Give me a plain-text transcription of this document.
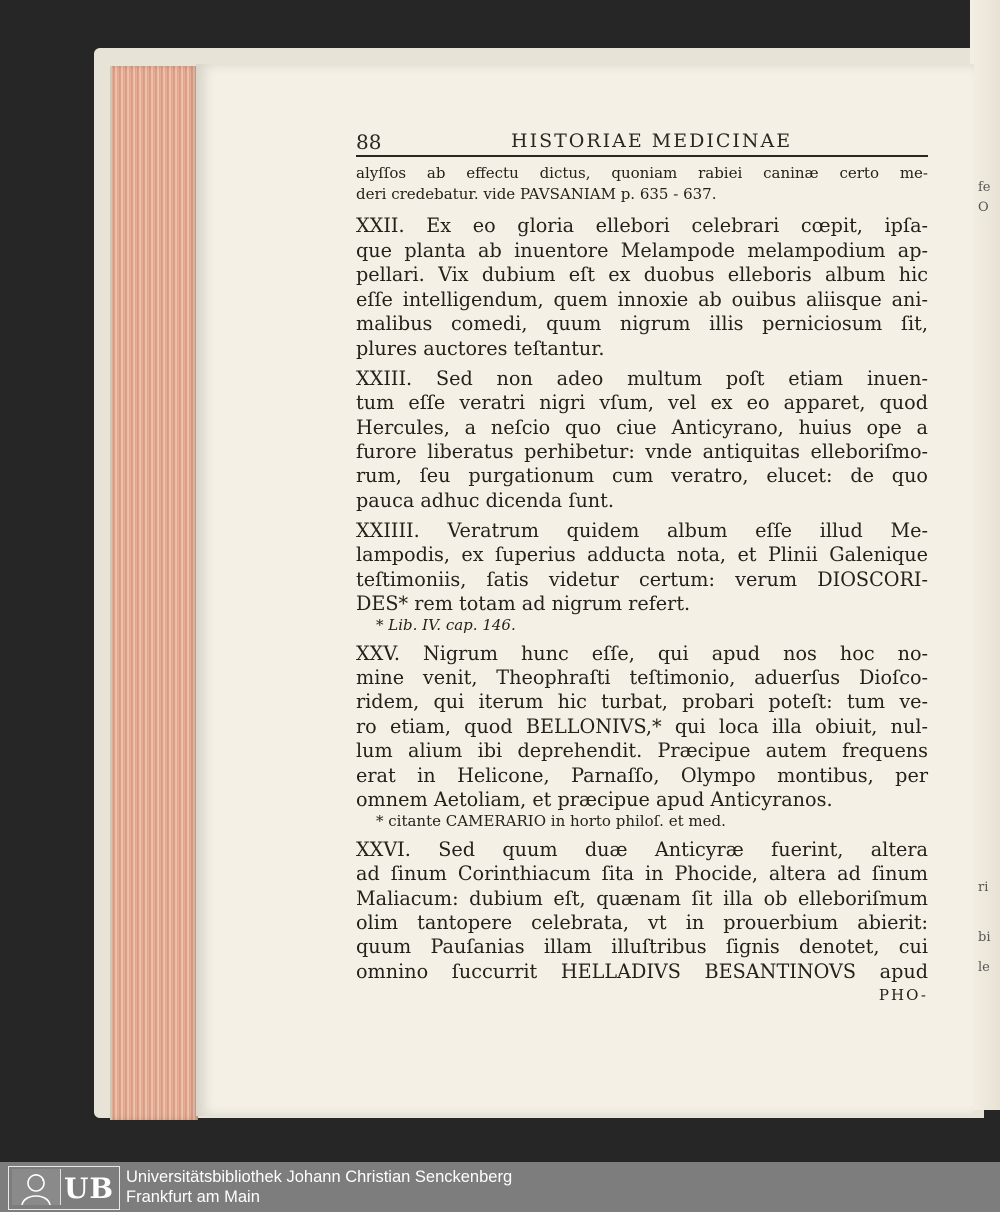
fe
O
ri
bi
le
88	HISTORIAE MEDICINAE
alyſſos ab effectu dictus, quoniam rabiei caninæ certo me-
deri credebatur. vide PAVSANIAM p. 635 - 637.
XXII. Ex eo gloria ellebori celebrari cœpit, ipſa-
que planta ab inuentore Melampode melampodium ap-
pellari. Vix dubium eſt ex duobus elleboris album hic
eſſe intelligendum, quem innoxie ab ouibus aliisque ani-
malibus comedi, quum nigrum illis perniciosum ſit,
plures auctores teſtantur.
XXIII. Sed non adeo multum poſt etiam inuen-
tum eſſe veratri nigri vſum, vel ex eo apparet, quod
Hercules, a neſcio quo ciue Anticyrano, huius ope a
furore liberatus perhibetur: vnde antiquitas elleboriſmo-
rum, ſeu purgationum cum veratro, elucet: de quo
pauca adhuc dicenda ſunt.
XXIIII. Veratrum quidem album eſſe illud Me-
lampodis, ex ſuperius adducta nota, et Plinii Galenique
teſtimoniis, ſatis videtur certum: verum DIOSCORI-
DES* rem totam ad nigrum refert.
* Lib. IV. cap. 146.
XXV. Nigrum hunc eſſe, qui apud nos hoc no-
mine venit, Theophraſti teſtimonio, aduerſus Dioſco-
ridem, qui iterum hic turbat, probari poteſt: tum ve-
ro etiam, quod BELLONIVS,* qui loca illa obiuit, nul-
lum alium ibi deprehendit. Præcipue autem frequens
erat in Helicone, Parnaſſo, Olympo montibus, per
omnem Aetoliam, et præcipue apud Anticyranos.
* citante CAMERARIO in horto philoſ. et med.
XXVI. Sed quum duæ Anticyræ fuerint, altera
ad ſinum Corinthiacum ſita in Phocide, altera ad ſinum
Maliacum: dubium eſt, quænam ſit illa ob elleboriſmum
olim tantopere celebrata, vt in prouerbium abierit:
quum Pauſanias illam illuſtribus ſignis denotet, cui
omnino ſuccurrit HELLADIVS BESANTINOVS apud
PHO-
UB Universitätsbibliothek Johann Christian Senckenberg
Frankfurt am Main
